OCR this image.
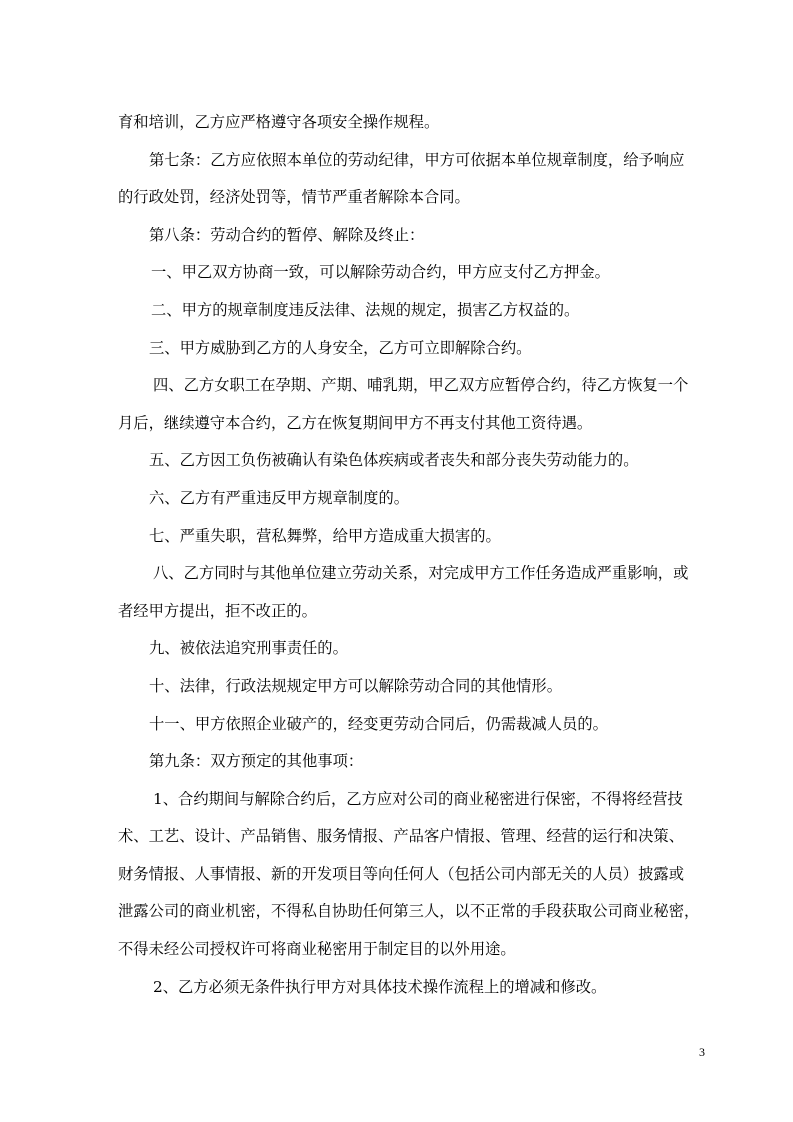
育和培训，乙方应严格遵守各项安全操作规程。

第七条：乙方应依照本单位的劳动纪律，甲方可依据本单位规章制度，给予响应
的行政处罚，经济处罚等，情节严重者解除本合同。

第八条：劳动合约的暂停、解除及终止：

一、甲乙双方协商一致，可以解除劳动合约，甲方应支付乙方押金。

二、甲方的规章制度违反法律、法规的规定，损害乙方权益的。

三、甲方威胁到乙方的人身安全，乙方可立即解除合约。

四、乙方女职工在孕期、产期、哺乳期，甲乙双方应暂停合约，待乙方恢复一个
月后，继续遵守本合约，乙方在恢复期间甲方不再支付其他工资待遇。

五、乙方因工负伤被确认有染色体疾病或者丧失和部分丧失劳动能力的。

六、乙方有严重违反甲方规章制度的。

七、严重失职，营私舞弊，给甲方造成重大损害的。

八、乙方同时与其他单位建立劳动关系，对完成甲方工作任务造成严重影响，或
者经甲方提出，拒不改正的。

九、被依法追究刑事责任的。

十、法律，行政法规规定甲方可以解除劳动合同的其他情形。

十一、甲方依照企业破产的，经变更劳动合同后，仍需裁减人员的。

第九条：双方预定的其他事项：

1、合约期间与解除合约后，乙方应对公司的商业秘密进行保密，不得将经营技
术、工艺、设计、产品销售、服务情报、产品客户情报、管理、经营的运行和决策、
财务情报、人事情报、新的开发项目等向任何人（包括公司内部无关的人员）披露或
泄露公司的商业机密，不得私自协助任何第三人，以不正常的手段获取公司商业秘密，
不得未经公司授权许可将商业秘密用于制定目的以外用途。

2、乙方必须无条件执行甲方对具体技术操作流程上的增减和修改。

3
